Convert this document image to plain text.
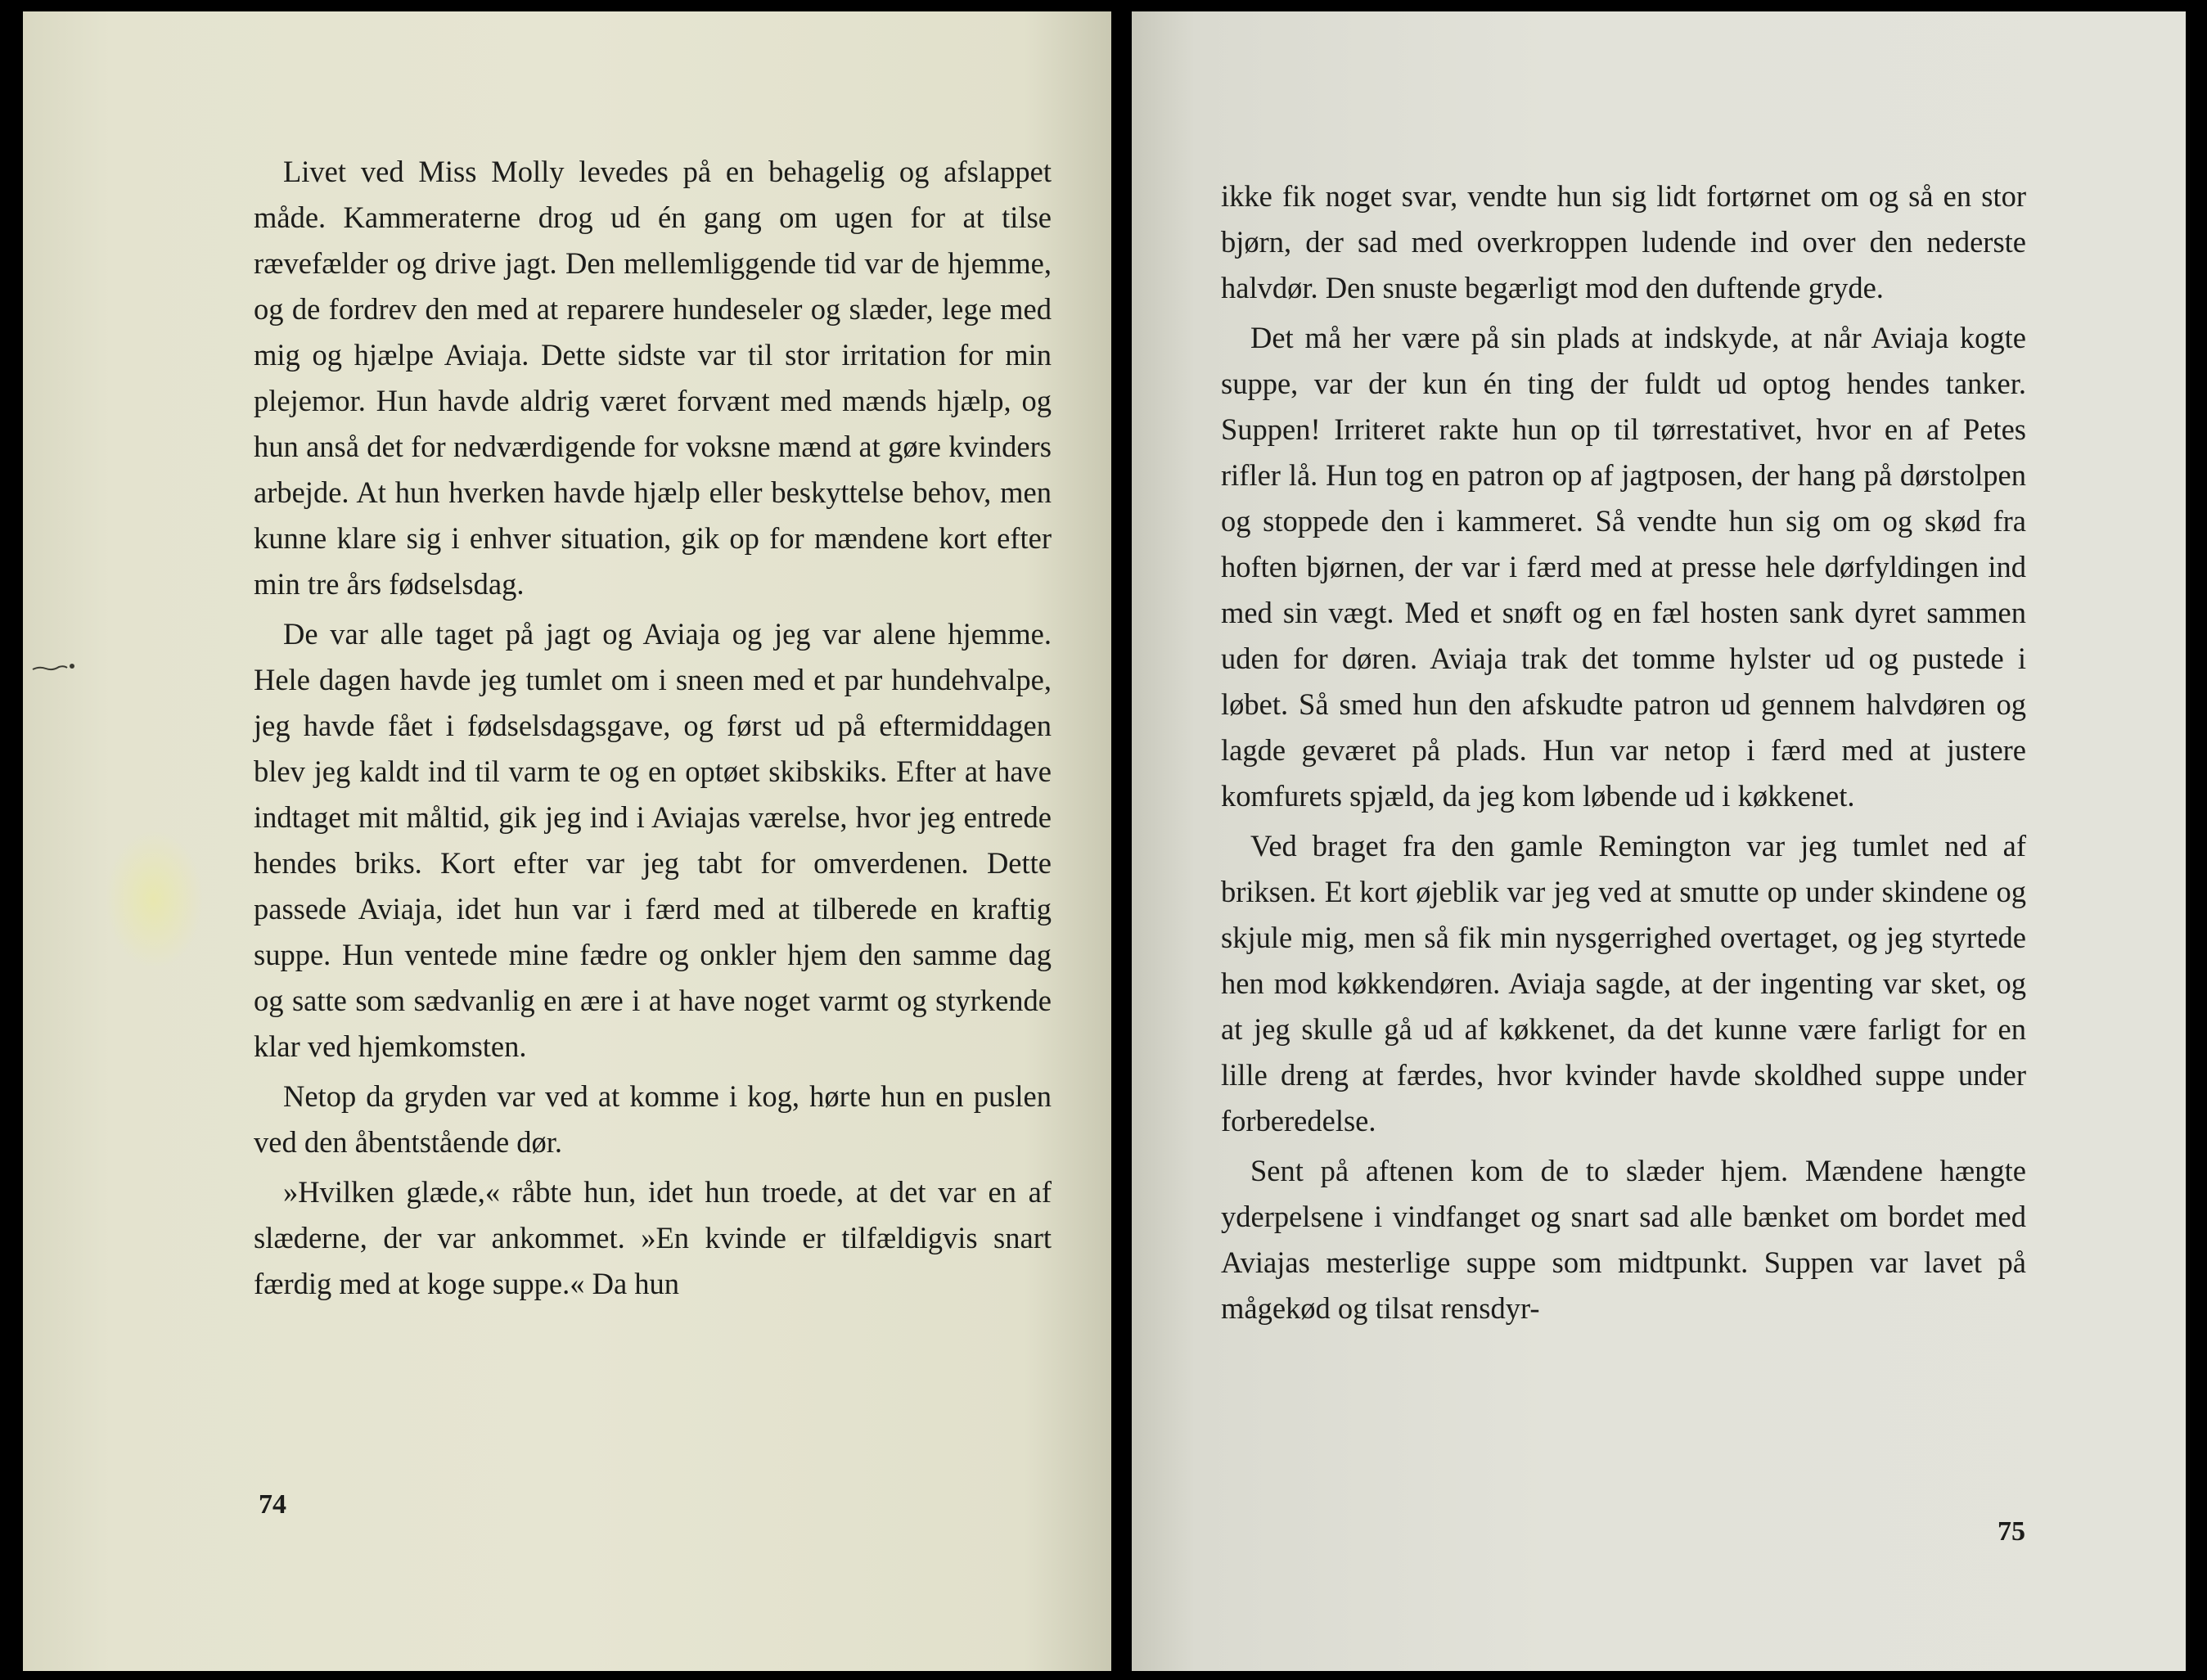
Livet ved Miss Molly levedes på en behagelig og afslappet måde. Kammeraterne drog ud én gang om ugen for at tilse rævefælder og drive jagt. Den mellemliggende tid var de hjemme, og de fordrev den med at reparere hundeseler og slæder, lege med mig og hjælpe Aviaja. Dette sidste var til stor irritation for min plejemor. Hun havde aldrig været forvænt med mænds hjælp, og hun anså det for nedværdigende for voksne mænd at gøre kvinders arbejde. At hun hverken havde hjælp eller beskyttelse behov, men kunne klare sig i enhver situation, gik op for mændene kort efter min tre års fødselsdag.

De var alle taget på jagt og Aviaja og jeg var alene hjemme. Hele dagen havde jeg tumlet om i sneen med et par hundehvalpe, jeg havde fået i fødselsdagsgave, og først ud på eftermiddagen blev jeg kaldt ind til varm te og en optøet skibskiks. Efter at have indtaget mit måltid, gik jeg ind i Aviajas værelse, hvor jeg entrede hendes briks. Kort efter var jeg tabt for omverdenen. Dette passede Aviaja, idet hun var i færd med at tilberede en kraftig suppe. Hun ventede mine fædre og onkler hjem den samme dag og satte som sædvanlig en ære i at have noget varmt og styrkende klar ved hjemkomsten.

Netop da gryden var ved at komme i kog, hørte hun en puslen ved den åbentstående dør.

»Hvilken glæde,« råbte hun, idet hun troede, at det var en af slæderne, der var ankommet. »En kvinde er tilfældigvis snart færdig med at koge suppe.« Da hun

74

ikke fik noget svar, vendte hun sig lidt fortørnet om og så en stor bjørn, der sad med overkroppen ludende ind over den nederste halvdør. Den snuste begærligt mod den duftende gryde.

Det må her være på sin plads at indskyde, at når Aviaja kogte suppe, var der kun én ting der fuldt ud optog hendes tanker. Suppen! Irriteret rakte hun op til tørrestativet, hvor en af Petes rifler lå. Hun tog en patron op af jagtposen, der hang på dørstolpen og stoppede den i kammeret. Så vendte hun sig om og skød fra hoften bjørnen, der var i færd med at presse hele dørfyldingen ind med sin vægt. Med et snøft og en fæl hosten sank dyret sammen uden for døren. Aviaja trak det tomme hylster ud og pustede i løbet. Så smed hun den afskudte patron ud gennem halvdøren og lagde geværet på plads. Hun var netop i færd med at justere komfurets spjæld, da jeg kom løbende ud i køkkenet.

Ved braget fra den gamle Remington var jeg tumlet ned af briksen. Et kort øjeblik var jeg ved at smutte op under skindene og skjule mig, men så fik min nysgerrighed overtaget, og jeg styrtede hen mod køkkendøren. Aviaja sagde, at der ingenting var sket, og at jeg skulle gå ud af køkkenet, da det kunne være farligt for en lille dreng at færdes, hvor kvinder havde skoldhed suppe under forberedelse.

Sent på aftenen kom de to slæder hjem. Mændene hængte yderpelsene i vindfanget og snart sad alle bænket om bordet med Aviajas mesterlige suppe som midtpunkt. Suppen var lavet på mågekød og tilsat rensdyr-

75
